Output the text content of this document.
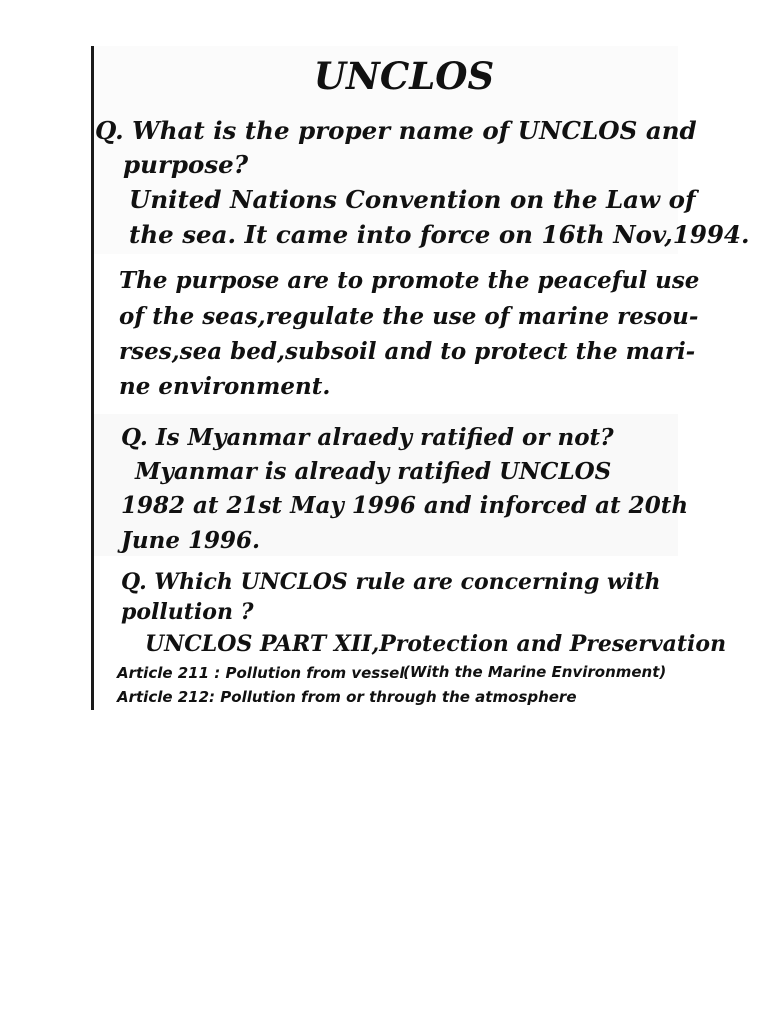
UNCLOS
Q. What is the proper name of UNCLOS and
purpose?
United Nations Convention on the Law of
the sea. It came into force on 16th Nov,1994.
The purpose are to promote the peaceful use
of the seas,regulate the use of marine resou-
rses,sea bed,subsoil and to protect the mari-
ne environment.
Q. Is Myanmar alraedy ratified or not?
Myanmar is already ratified UNCLOS
1982 at 21st May 1996 and inforced at 20th
June 1996.
Q. Which UNCLOS rule are concerning with
pollution ?
UNCLOS PART XII,Protection and Preservation
Article 211 : Pollution from vessel
(With the Marine Environment)
Article 212: Pollution from or through the atmosphere
